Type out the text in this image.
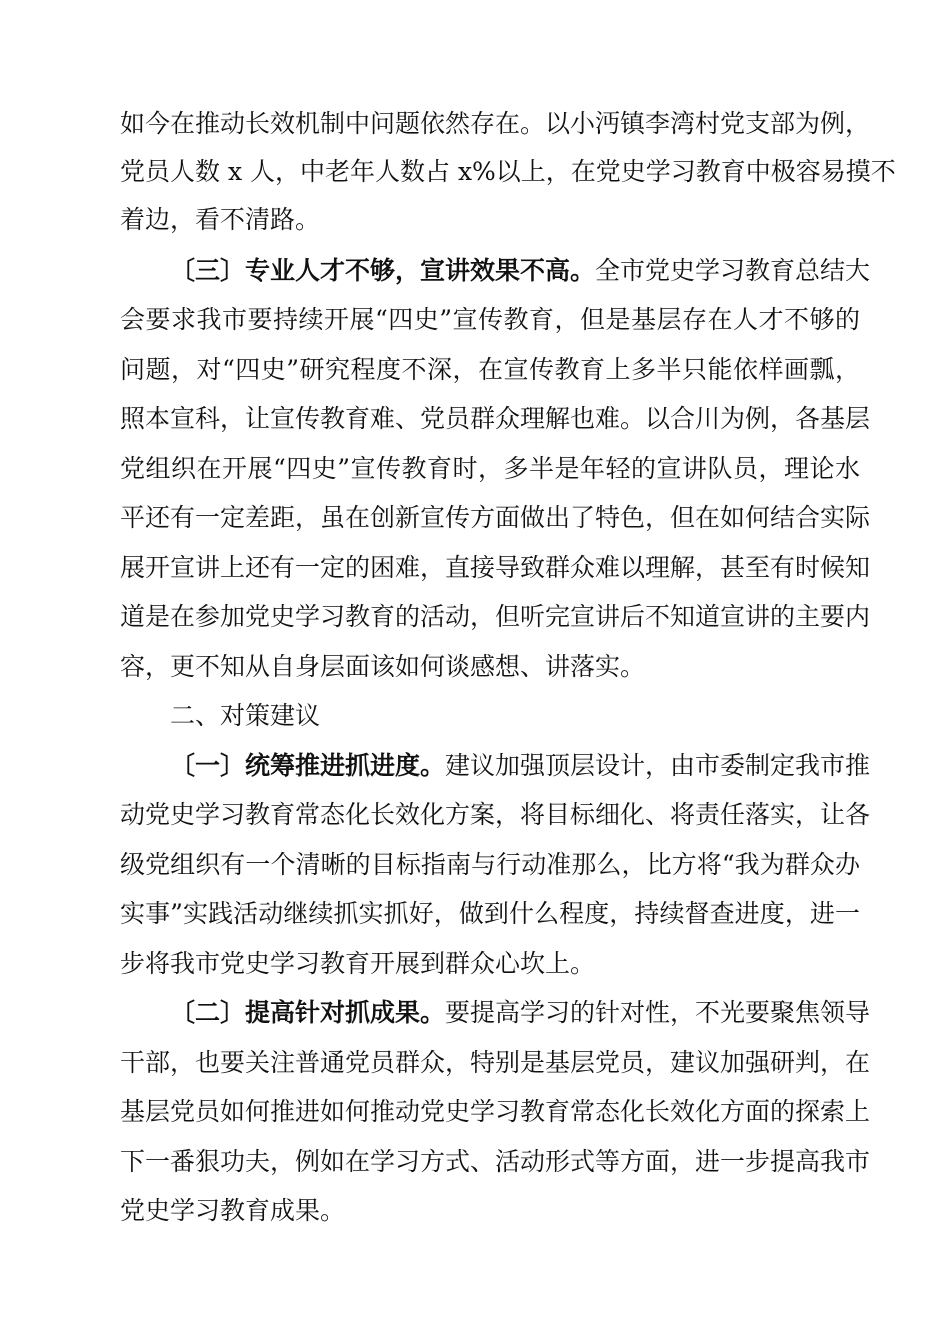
如今在推动长效机制中问题依然存在。以小沔镇李湾村党支部为例，
党员人数 x 人，中老年人数占 x%以上，在党史学习教育中极容易摸不
着边，看不清路。
〔三〕专业人才不够，宣讲效果不高。全市党史学习教育总结大
会要求我市要持续开展“四史”宣传教育，但是基层存在人才不够的
问题，对“四史”研究程度不深，在宣传教育上多半只能依样画瓢，
照本宣科，让宣传教育难、党员群众理解也难。以合川为例，各基层
党组织在开展“四史”宣传教育时，多半是年轻的宣讲队员，理论水
平还有一定差距，虽在创新宣传方面做出了特色，但在如何结合实际
展开宣讲上还有一定的困难，直接导致群众难以理解，甚至有时候知
道是在参加党史学习教育的活动，但听完宣讲后不知道宣讲的主要内
容，更不知从自身层面该如何谈感想、讲落实。
二、对策建议
〔一〕统筹推进抓进度。建议加强顶层设计，由市委制定我市推
动党史学习教育常态化长效化方案，将目标细化、将责任落实，让各
级党组织有一个清晰的目标指南与行动准那么，比方将“我为群众办
实事”实践活动继续抓实抓好，做到什么程度，持续督查进度，进一
步将我市党史学习教育开展到群众心坎上。
〔二〕提高针对抓成果。要提高学习的针对性，不光要聚焦领导
干部，也要关注普通党员群众，特别是基层党员，建议加强研判，在
基层党员如何推进如何推动党史学习教育常态化长效化方面的探索上
下一番狠功夫，例如在学习方式、活动形式等方面，进一步提高我市
党史学习教育成果。
